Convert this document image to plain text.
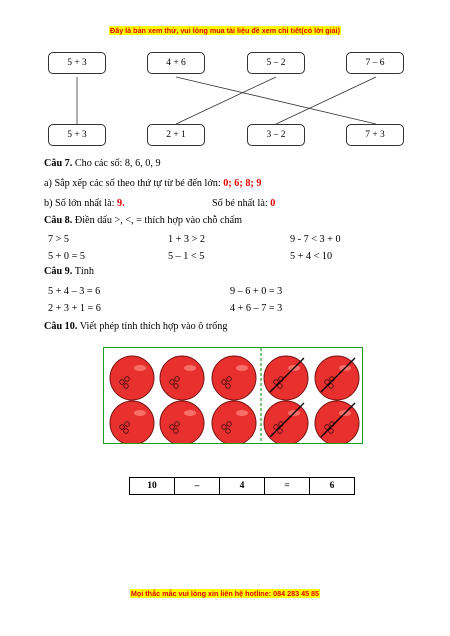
Đây là bản xem thử, vui lòng mua tài liệu đề xem chi tiết(có lời giải)
5 + 3	4 + 6	5 – 2	7 – 6
5 + 3	2 + 1	3 – 2	7 + 3
Câu 7. Cho các số: 8, 6, 0, 9
a) Sắp xếp các số theo thứ tự từ bé đến lớn: 0; 6; 8; 9
b) Số lớn nhất là: 9.	Số bé nhất là: 0
Câu 8. Điền dấu >, <, = thích hợp vào chỗ chấm
7 > 5	1 + 3 > 2	9 - 7 < 3 + 0
5 + 0 = 5	5 – 1 < 5	5 + 4 < 10
Câu 9. Tính
5 + 4 – 3 = 6	9 – 6 + 0 = 3
2 + 3 + 1 = 6	4 + 6 – 7 = 3
Câu 10. Viết phép tính thích hợp vào ô trống
10	–	4	=	6
Mọi thắc mắc vui lòng xin liên hệ hotline: 084 283 45 85
